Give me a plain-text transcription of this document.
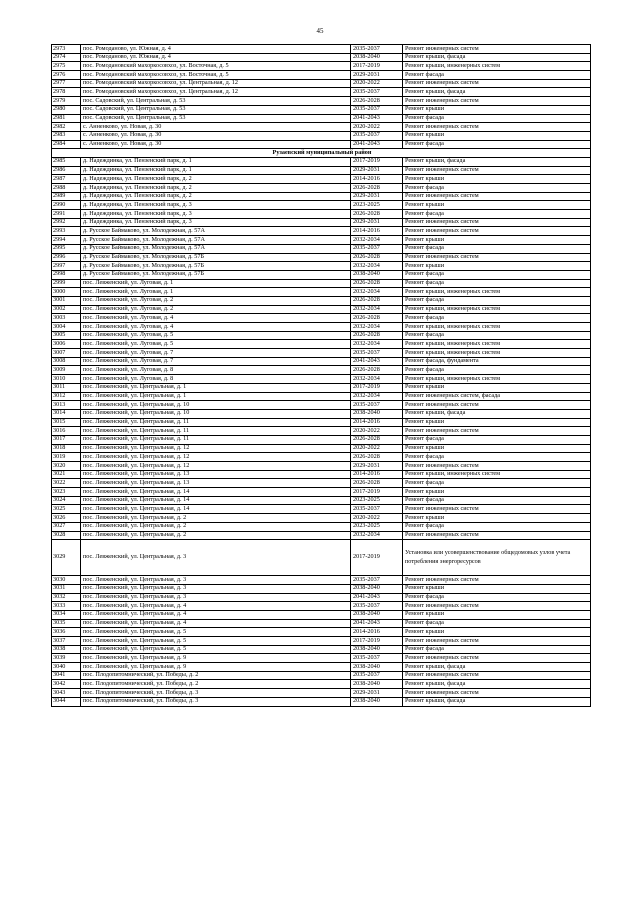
45
2973	пос. Ромоданово, ул. Южная, д. 4	2035-2037	Ремонт инженерных систем
2974	пос. Ромоданово, ул. Южная, д. 4	2038-2040	Ремонт крыши, фасада
2975	пос. Ромодановский махоркосовхоз, ул. Восточная, д. 5	2017-2019	Ремонт крыши, инженерных систем
2976	пос. Ромодановский махоркосовхоз, ул. Восточная, д. 5	2029-2031	Ремонт фасада
2977	пос. Ромодановский махоркосовхоз, ул. Центральная, д. 12	2020-2022	Ремонт инженерных систем
2978	пос. Ромодановский махоркосовхоз, ул. Центральная, д. 12	2035-2037	Ремонт крыши, фасада
2979	пос. Садовский, ул. Центральная, д. 53	2026-2028	Ремонт инженерных систем
2980	пос. Садовский, ул. Центральная, д. 53	2035-2037	Ремонт крыши
2981	пос. Садовский, ул. Центральная, д. 53	2041-2043	Ремонт фасада
2982	с. Анненково, ул. Новая, д. 30	2020-2022	Ремонт инженерных систем
2983	с. Анненково, ул. Новая, д. 30	2035-2037	Ремонт крыши
2984	с. Анненково, ул. Новая, д. 30	2041-2043	Ремонт фасада
Рузаевский муниципальный район			
2985	д. Надеждинка, ул. Пензенский парк, д. 1	2017-2019	Ремонт крыши, фасада
2986	д. Надеждинка, ул. Пензенский парк, д. 1	2029-2031	Ремонт инженерных систем
2987	д. Надеждинка, ул. Пензенский парк, д. 2	2014-2016	Ремонт крыши
2988	д. Надеждинка, ул. Пензенский парк, д. 2	2026-2028	Ремонт фасада
2989	д. Надеждинка, ул. Пензенский парк, д. 2	2029-2031	Ремонт инженерных систем
2990	д. Надеждинка, ул. Пензенский парк, д. 3	2023-2025	Ремонт крыши
2991	д. Надеждинка, ул. Пензенский парк, д. 3	2026-2028	Ремонт фасада
2992	д. Надеждинка, ул. Пензенский парк, д. 3	2029-2031	Ремонт инженерных систем
2993	д. Русское Баймаково, ул. Молодежная, д. 57А	2014-2016	Ремонт инженерных систем
2994	д. Русское Баймаково, ул. Молодежная, д. 57А	2032-2034	Ремонт крыши
2995	д. Русское Баймаково, ул. Молодежная, д. 57А	2035-2037	Ремонт фасада
2996	д. Русское Баймаково, ул. Молодежная, д. 57Б	2026-2028	Ремонт инженерных систем
2997	д. Русское Баймаково, ул. Молодежная, д. 57Б	2032-2034	Ремонт крыши
2998	д. Русское Баймаково, ул. Молодежная, д. 57Б	2038-2040	Ремонт фасада
2999	пос. Левженский, ул. Луговая, д. 1	2026-2028	Ремонт фасада
3000	пос. Левженский, ул. Луговая, д. 1	2032-2034	Ремонт крыши, инженерных систем
3001	пос. Левженский, ул. Луговая, д. 2	2026-2028	Ремонт фасада
3002	пос. Левженский, ул. Луговая, д. 2	2032-2034	Ремонт крыши, инженерных систем
3003	пос. Левженский, ул. Луговая, д. 4	2026-2028	Ремонт фасада
3004	пос. Левженский, ул. Луговая, д. 4	2032-2034	Ремонт крыши, инженерных систем
3005	пос. Левженский, ул. Луговая, д. 5	2026-2028	Ремонт фасада
3006	пос. Левженский, ул. Луговая, д. 5	2032-2034	Ремонт крыши, инженерных систем
3007	пос. Левженский, ул. Луговая, д. 7	2035-2037	Ремонт крыши, инженерных систем
3008	пос. Левженский, ул. Луговая, д. 7	2041-2043	Ремонт фасада, фундамента
3009	пос. Левженский, ул. Луговая, д. 8	2026-2028	Ремонт фасада
3010	пос. Левженский, ул. Луговая, д. 8	2032-2034	Ремонт крыши, инженерных систем
3011	пос. Левженский, ул. Центральная, д. 1	2017-2019	Ремонт крыши
3012	пос. Левженский, ул. Центральная, д. 1	2032-2034	Ремонт инженерных систем, фасада
3013	пос. Левженский, ул. Центральная, д. 10	2035-2037	Ремонт инженерных систем
3014	пос. Левженский, ул. Центральная, д. 10	2038-2040	Ремонт крыши, фасада
3015	пос. Левженский, ул. Центральная, д. 11	2014-2016	Ремонт крыши
3016	пос. Левженский, ул. Центральная, д. 11	2020-2022	Ремонт инженерных систем
3017	пос. Левженский, ул. Центральная, д. 11	2026-2028	Ремонт фасада
3018	пос. Левженский, ул. Центральная, д. 12	2020-2022	Ремонт крыши
3019	пос. Левженский, ул. Центральная, д. 12	2026-2028	Ремонт фасада
3020	пос. Левженский, ул. Центральная, д. 12	2029-2031	Ремонт инженерных систем
3021	пос. Левженский, ул. Центральная, д. 13	2014-2016	Ремонт крыши, инженерных систем
3022	пос. Левженский, ул. Центральная, д. 13	2026-2028	Ремонт фасада
3023	пос. Левженский, ул. Центральная, д. 14	2017-2019	Ремонт крыши
3024	пос. Левженский, ул. Центральная, д. 14	2023-2025	Ремонт фасада
3025	пос. Левженский, ул. Центральная, д. 14	2035-2037	Ремонт инженерных систем
3026	пос. Левженский, ул. Центральная, д. 2	2020-2022	Ремонт крыши
3027	пос. Левженский, ул. Центральная, д. 2	2023-2025	Ремонт фасада
3028	пос. Левженский, ул. Центральная, д. 2	2032-2034	Ремонт инженерных систем
3029	пос. Левженский, ул. Центральная, д. 3	2017-2019	Установка или усовершенствование общедомовых узлов учета потребления энергоресурсов
3030	пос. Левженский, ул. Центральная, д. 3	2035-2037	Ремонт инженерных систем
3031	пос. Левженский, ул. Центральная, д. 3	2038-2040	Ремонт крыши
3032	пос. Левженский, ул. Центральная, д. 3	2041-2043	Ремонт фасада
3033	пос. Левженский, ул. Центральная, д. 4	2035-2037	Ремонт инженерных систем
3034	пос. Левженский, ул. Центральная, д. 4	2038-2040	Ремонт крыши
3035	пос. Левженский, ул. Центральная, д. 4	2041-2043	Ремонт фасада
3036	пос. Левженский, ул. Центральная, д. 5	2014-2016	Ремонт крыши
3037	пос. Левженский, ул. Центральная, д. 5	2017-2019	Ремонт инженерных систем
3038	пос. Левженский, ул. Центральная, д. 5	2038-2040	Ремонт фасада
3039	пос. Левженский, ул. Центральная, д. 9	2035-2037	Ремонт инженерных систем
3040	пос. Левженский, ул. Центральная, д. 9	2038-2040	Ремонт крыши, фасада
3041	пос. Плодопитомнический, ул. Победы, д. 2	2035-2037	Ремонт инженерных систем
3042	пос. Плодопитомнический, ул. Победы, д. 2	2038-2040	Ремонт крыши, фасада
3043	пос. Плодопитомнический, ул. Победы, д. 3	2029-2031	Ремонт инженерных систем
3044	пос. Плодопитомнический, ул. Победы, д. 3	2038-2040	Ремонт крыши, фасада
